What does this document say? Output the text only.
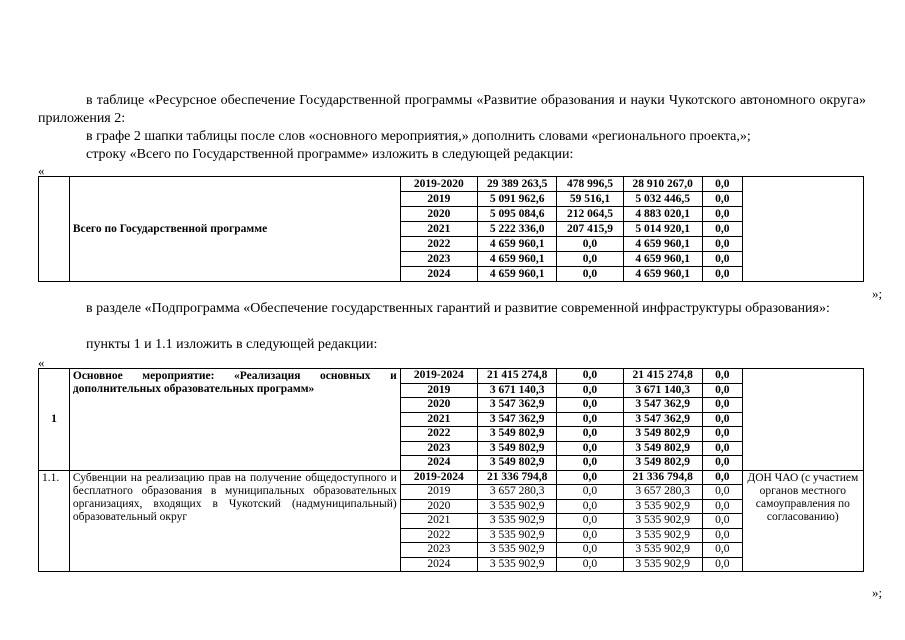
в таблице «Ресурсное обеспечение Государственной программы «Развитие образования и науки Чукотского автономного округа» приложения 2:
в графе 2 шапки таблицы после слов «основного мероприятия,» дополнить словами «регионального проекта,»;
строку «Всего по Государственной программе» изложить в следующей редакции:
«
	Всего по Государственной программе	2019-2020	29 389 263,5	478 996,5	28 910 267,0	0,0	
		2019	5 091 962,6	59 516,1	5 032 446,5	0,0	
		2020	5 095 084,6	212 064,5	4 883 020,1	0,0	
		2021	5 222 336,0	207 415,9	5 014 920,1	0,0	
		2022	4 659 960,1	0,0	4 659 960,1	0,0	
		2023	4 659 960,1	0,0	4 659 960,1	0,0	
		2024	4 659 960,1	0,0	4 659 960,1	0,0	
»;
в разделе «Подпрограмма «Обеспечение государственных гарантий и развитие современной инфраструктуры образования»:
пункты 1 и 1.1 изложить в следующей редакции:
«
1	Основное мероприятие: «Реализация основных и дополнительных образовательных программ»	2019-2024	21 415 274,8	0,0	21 415 274,8	0,0	
		2019	3 671 140,3	0,0	3 671 140,3	0,0	
		2020	3 547 362,9	0,0	3 547 362,9	0,0	
		2021	3 547 362,9	0,0	3 547 362,9	0,0	
		2022	3 549 802,9	0,0	3 549 802,9	0,0	
		2023	3 549 802,9	0,0	3 549 802,9	0,0	
		2024	3 549 802,9	0,0	3 549 802,9	0,0	
1.1.	Субвенции на реализацию прав на получение общедоступного и бесплатного образования в муниципальных образовательных организациях, входящих в Чукотский (надмуниципальный) образовательный округ	2019-2024	21 336 794,8	0,0	21 336 794,8	0,0	ДОН ЧАО (с участием органов местного самоуправления по согласованию)
		2019	3 657 280,3	0,0	3 657 280,3	0,0	
		2020	3 535 902,9	0,0	3 535 902,9	0,0	
		2021	3 535 902,9	0,0	3 535 902,9	0,0	
		2022	3 535 902,9	0,0	3 535 902,9	0,0	
		2023	3 535 902,9	0,0	3 535 902,9	0,0	
		2024	3 535 902,9	0,0	3 535 902,9	0,0	
»;
